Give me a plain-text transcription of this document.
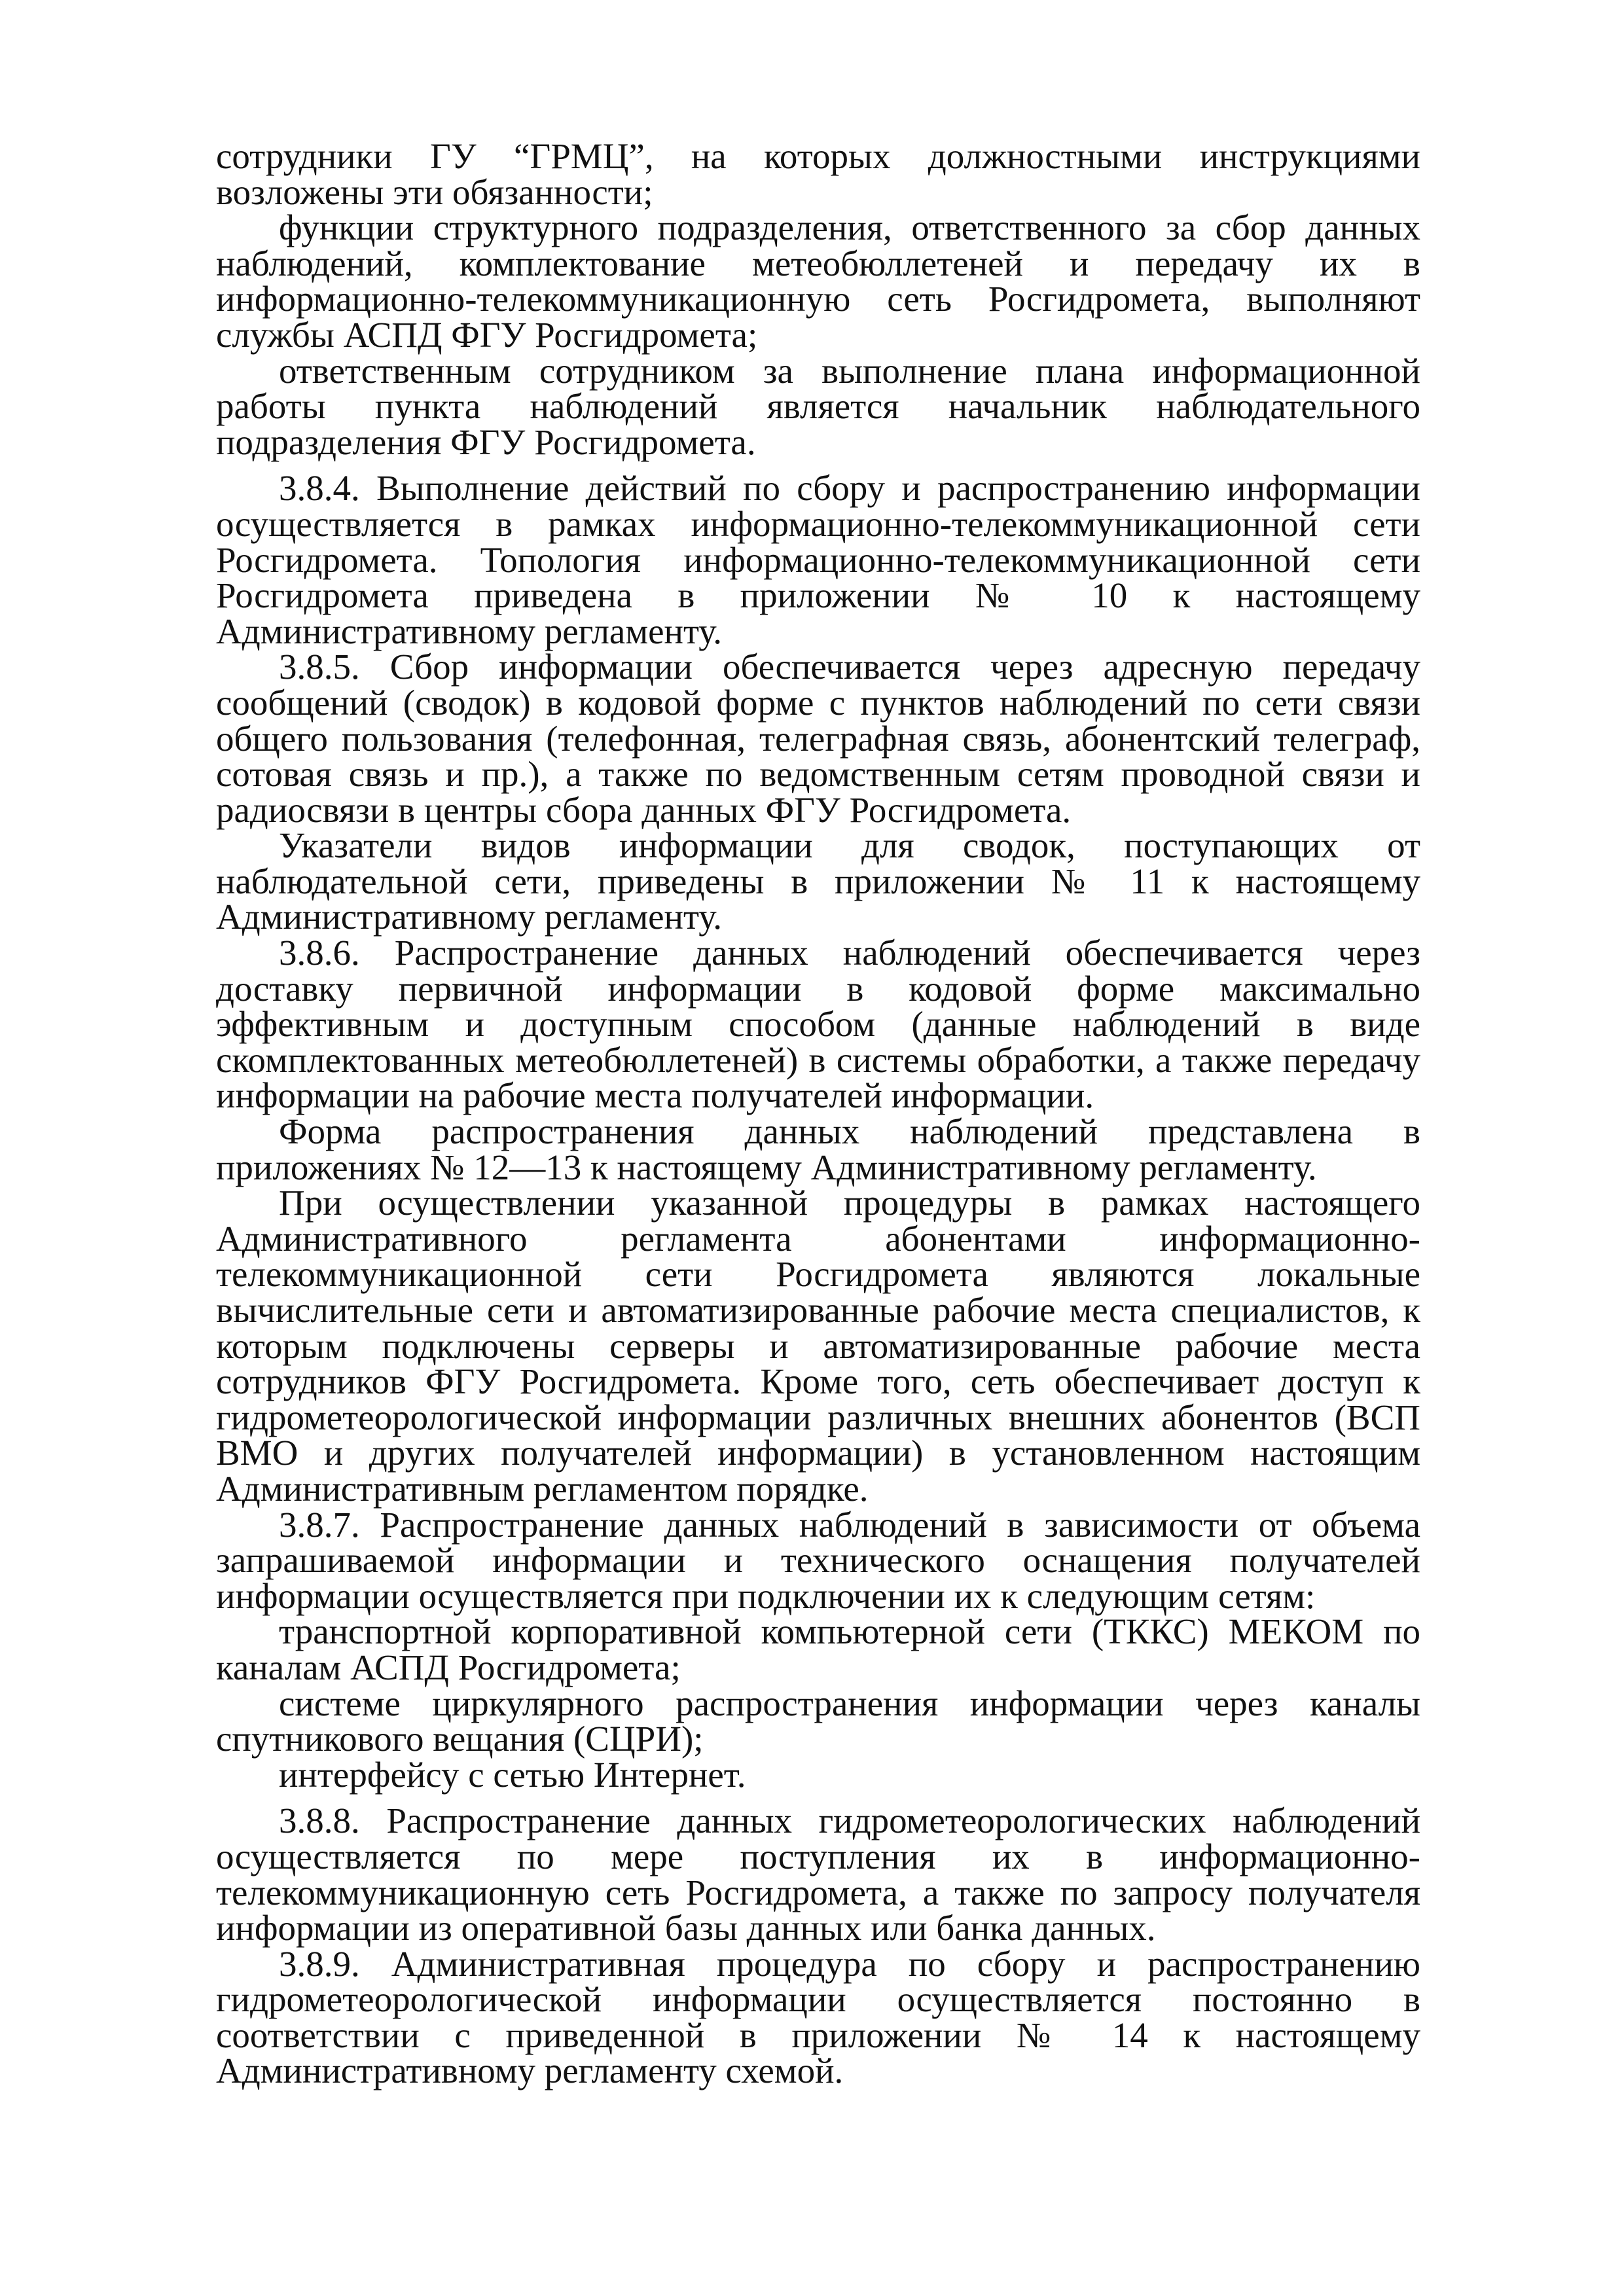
сотрудники ГУ “ГРМЦ”, на которых должностными инструкциями возложены эти обязанности;

функции структурного подразделения, ответственного за сбор данных наблюдений, комплектование метеобюллетеней и передачу их в информационно-телекоммуникационную сеть Росгидромета, выполняют службы АСПД ФГУ Росгидромета;

ответственным сотрудником за выполнение плана информационной работы пункта наблюдений является начальник наблюдательного подразделения ФГУ Росгидромета.

3.8.4. Выполнение действий по сбору и распространению информации осуществляется в рамках информационно-телекоммуникационной сети Росгидромета. Топология информационно-телекоммуникационной сети Росгидромета приведена в приложении № 10 к настоящему Административному регламенту.

3.8.5. Сбор информации обеспечивается через адресную передачу сообщений (сводок) в кодовой форме с пунктов наблюдений по сети связи общего пользования (телефонная, телеграфная связь, абонентский телеграф, сотовая связь и пр.), а также по ведомственным сетям проводной связи и радиосвязи в центры сбора данных ФГУ Росгидромета.

Указатели видов информации для сводок, поступающих от наблюдательной сети, приведены в приложении № 11 к настоящему Административному регламенту.

3.8.6. Распространение данных наблюдений обеспечивается через доставку первичной информации в кодовой форме максимально эффективным и доступным способом (данные наблюдений в виде скомплектованных метеобюллетеней) в системы обработки, а также передачу информации на рабочие места получателей информации.

Форма распространения данных наблюдений представлена в приложениях № 12—13 к настоящему Административному регламенту.

При осуществлении указанной процедуры в рамках настоящего Административного регламента абонентами информационно-телекоммуникационной сети Росгидромета являются локальные вычислительные сети и автоматизированные рабочие места специалистов, к которым подключены серверы и автоматизированные рабочие места сотрудников ФГУ Росгидромета. Кроме того, сеть обеспечивает доступ к гидрометеорологической информации различных внешних абонентов (ВСП ВМО и других получателей информации) в установленном настоящим Административным регламентом порядке.

3.8.7. Распространение данных наблюдений в зависимости от объема запрашиваемой информации и технического оснащения получателей информации осуществляется при подключении их к следующим сетям:

транспортной корпоративной компьютерной сети (ТККС) МЕКОМ по каналам АСПД Росгидромета;

системе циркулярного распространения информации через каналы спутникового вещания (СЦРИ);

интерфейсу с сетью Интернет.

3.8.8. Распространение данных гидрометеорологических наблюдений осуществляется по мере поступления их в информационно-телекоммуникационную сеть Росгидромета, а также по запросу получателя информации из оперативной базы данных или банка данных.

3.8.9. Административная процедура по сбору и распространению гидрометеорологической информации осуществляется постоянно в соответствии с приведенной в приложении № 14 к настоящему Административному регламенту схемой.
